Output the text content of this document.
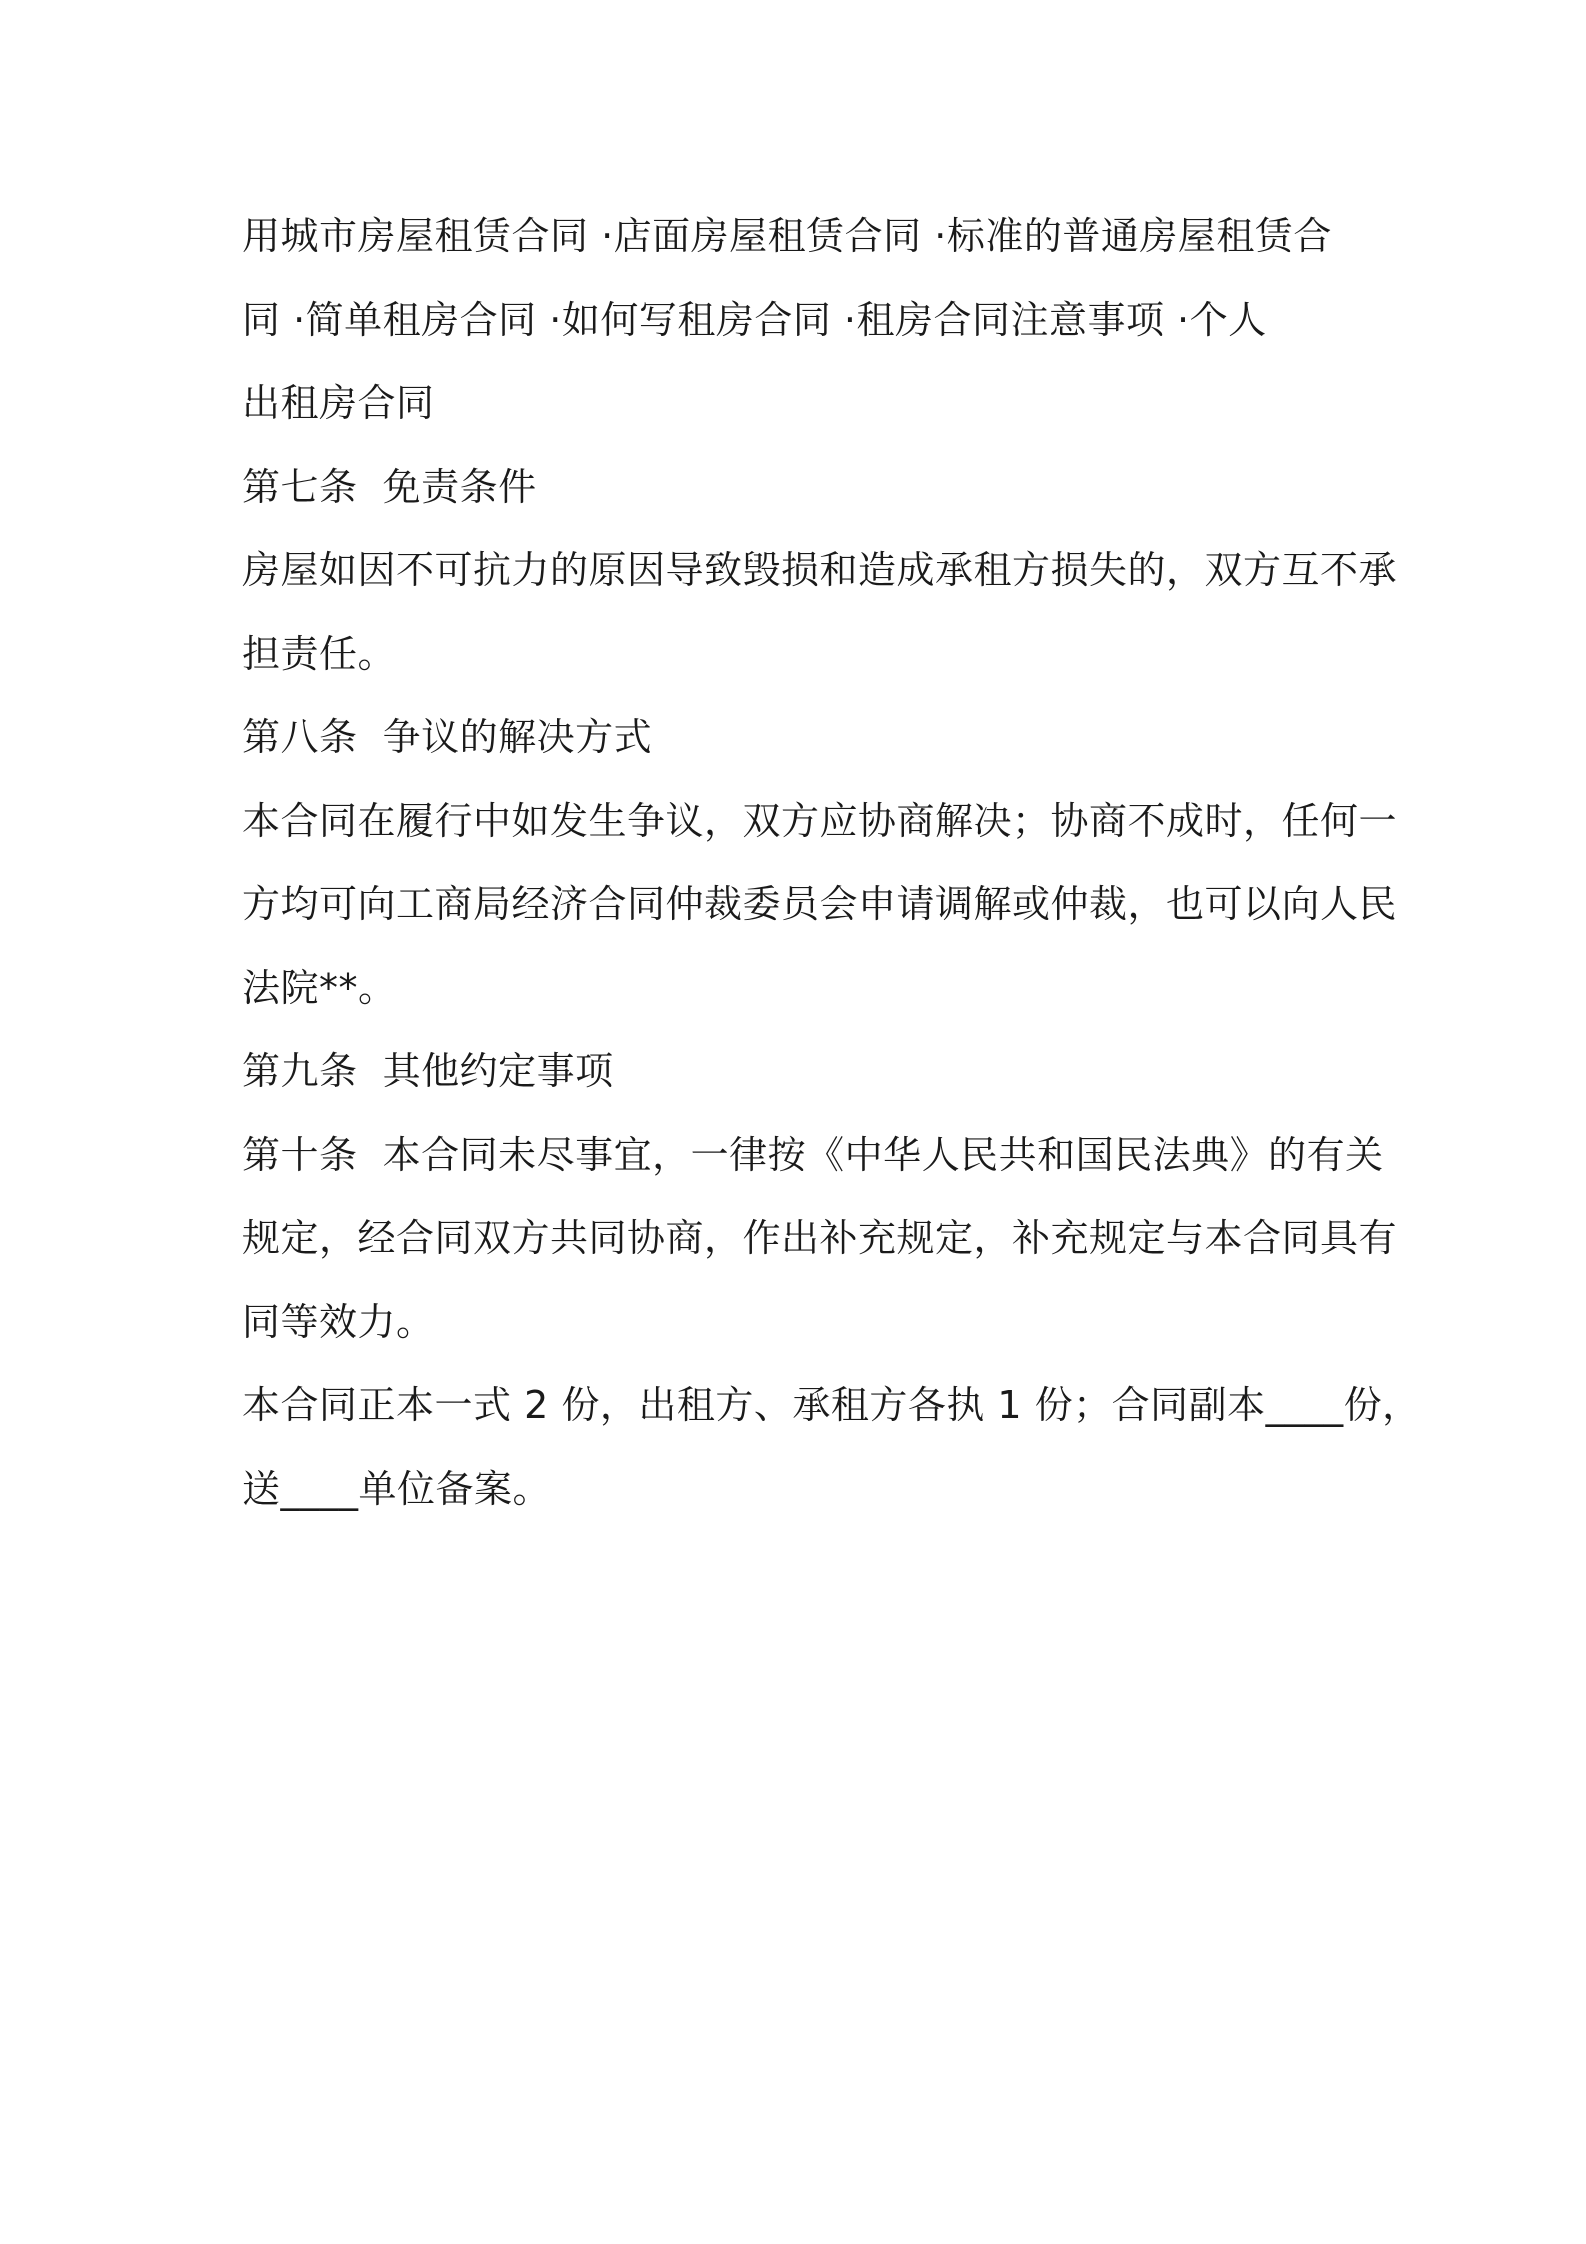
用城市房屋租赁合同 ·店面房屋租赁合同 ·标准的普通房屋租赁合
同 ·简单租房合同 ·如何写租房合同 ·租房合同注意事项 ·个人
出租房合同
第七条  免责条件
房屋如因不可抗力的原因导致毁损和造成承租方损失的，双方互不承
担责任。
第八条  争议的解决方式
本合同在履行中如发生争议，双方应协商解决；协商不成时，任何一
方均可向工商局经济合同仲裁委员会申请调解或仲裁，也可以向人民
法院**。
第九条  其他约定事项
第十条  本合同未尽事宜，一律按《中华人民共和国民法典》的有关
规定，经合同双方共同协商，作出补充规定，补充规定与本合同具有
同等效力。
本合同正本一式 2 份，出租方、承租方各执 1 份；合同副本____份，
送____单位备案。
